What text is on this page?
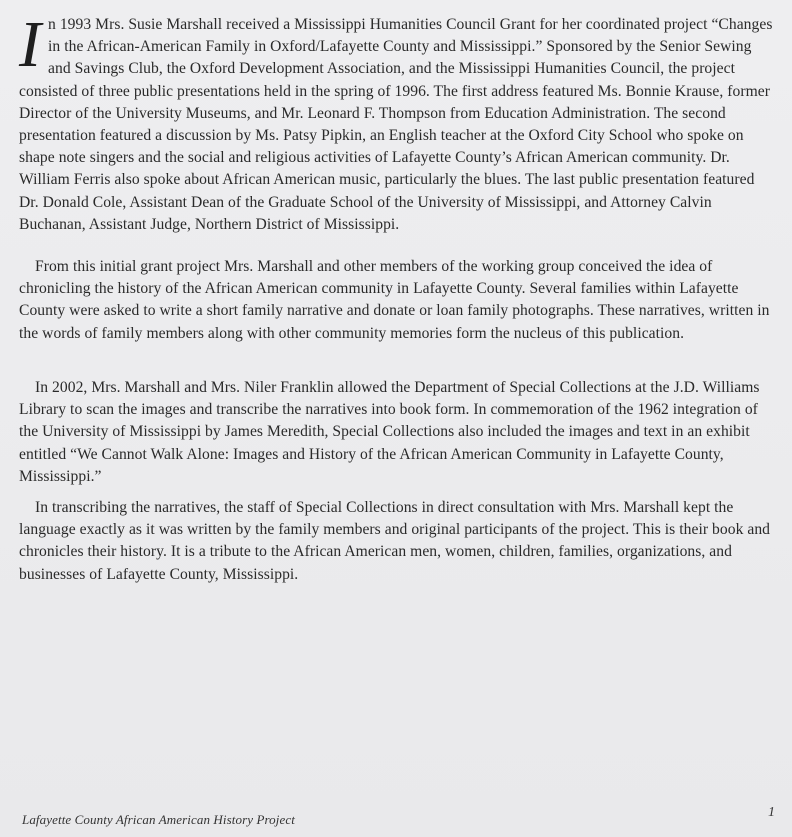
In 1993 Mrs. Susie Marshall received a Mississippi Humanities Council Grant for her coordinated project “Changes in the African-American Family in Oxford/Lafayette County and Mississippi.” Sponsored by the Senior Sewing and Savings Club, the Oxford Development Association, and the Mississippi Humanities Council, the project consisted of three public presentations held in the spring of 1996. The first address featured Ms. Bonnie Krause, former Director of the University Museums, and Mr. Leonard F. Thompson from Education Administration. The second presentation featured a discussion by Ms. Patsy Pipkin, an English teacher at the Oxford City School who spoke on shape note singers and the social and religious activities of Lafayette County’s African American community. Dr. William Ferris also spoke about African American music, particularly the blues. The last public presentation featured Dr. Donald Cole, Assistant Dean of the Graduate School of the University of Mississippi, and Attorney Calvin Buchanan, Assistant Judge, Northern District of Mississippi.

From this initial grant project Mrs. Marshall and other members of the working group conceived the idea of chronicling the history of the African American community in Lafayette County. Several families within Lafayette County were asked to write a short family narrative and donate or loan family photographs. These narratives, written in the words of family members along with other community memories form the nucleus of this publication.

In 2002, Mrs. Marshall and Mrs. Niler Franklin allowed the Department of Special Collections at the J.D. Williams Library to scan the images and transcribe the narratives into book form. In commemoration of the 1962 integration of the University of Mississippi by James Meredith, Special Collections also included the images and text in an exhibit entitled “We Cannot Walk Alone: Images and History of the African American Community in Lafayette County, Mississippi.”

In transcribing the narratives, the staff of Special Collections in direct consultation with Mrs. Marshall kept the language exactly as it was written by the family members and original participants of the project. This is their book and chronicles their history. It is a tribute to the African American men, women, children, families, organizations, and businesses of Lafayette County, Mississippi.

Lafayette County African American History Project	1
